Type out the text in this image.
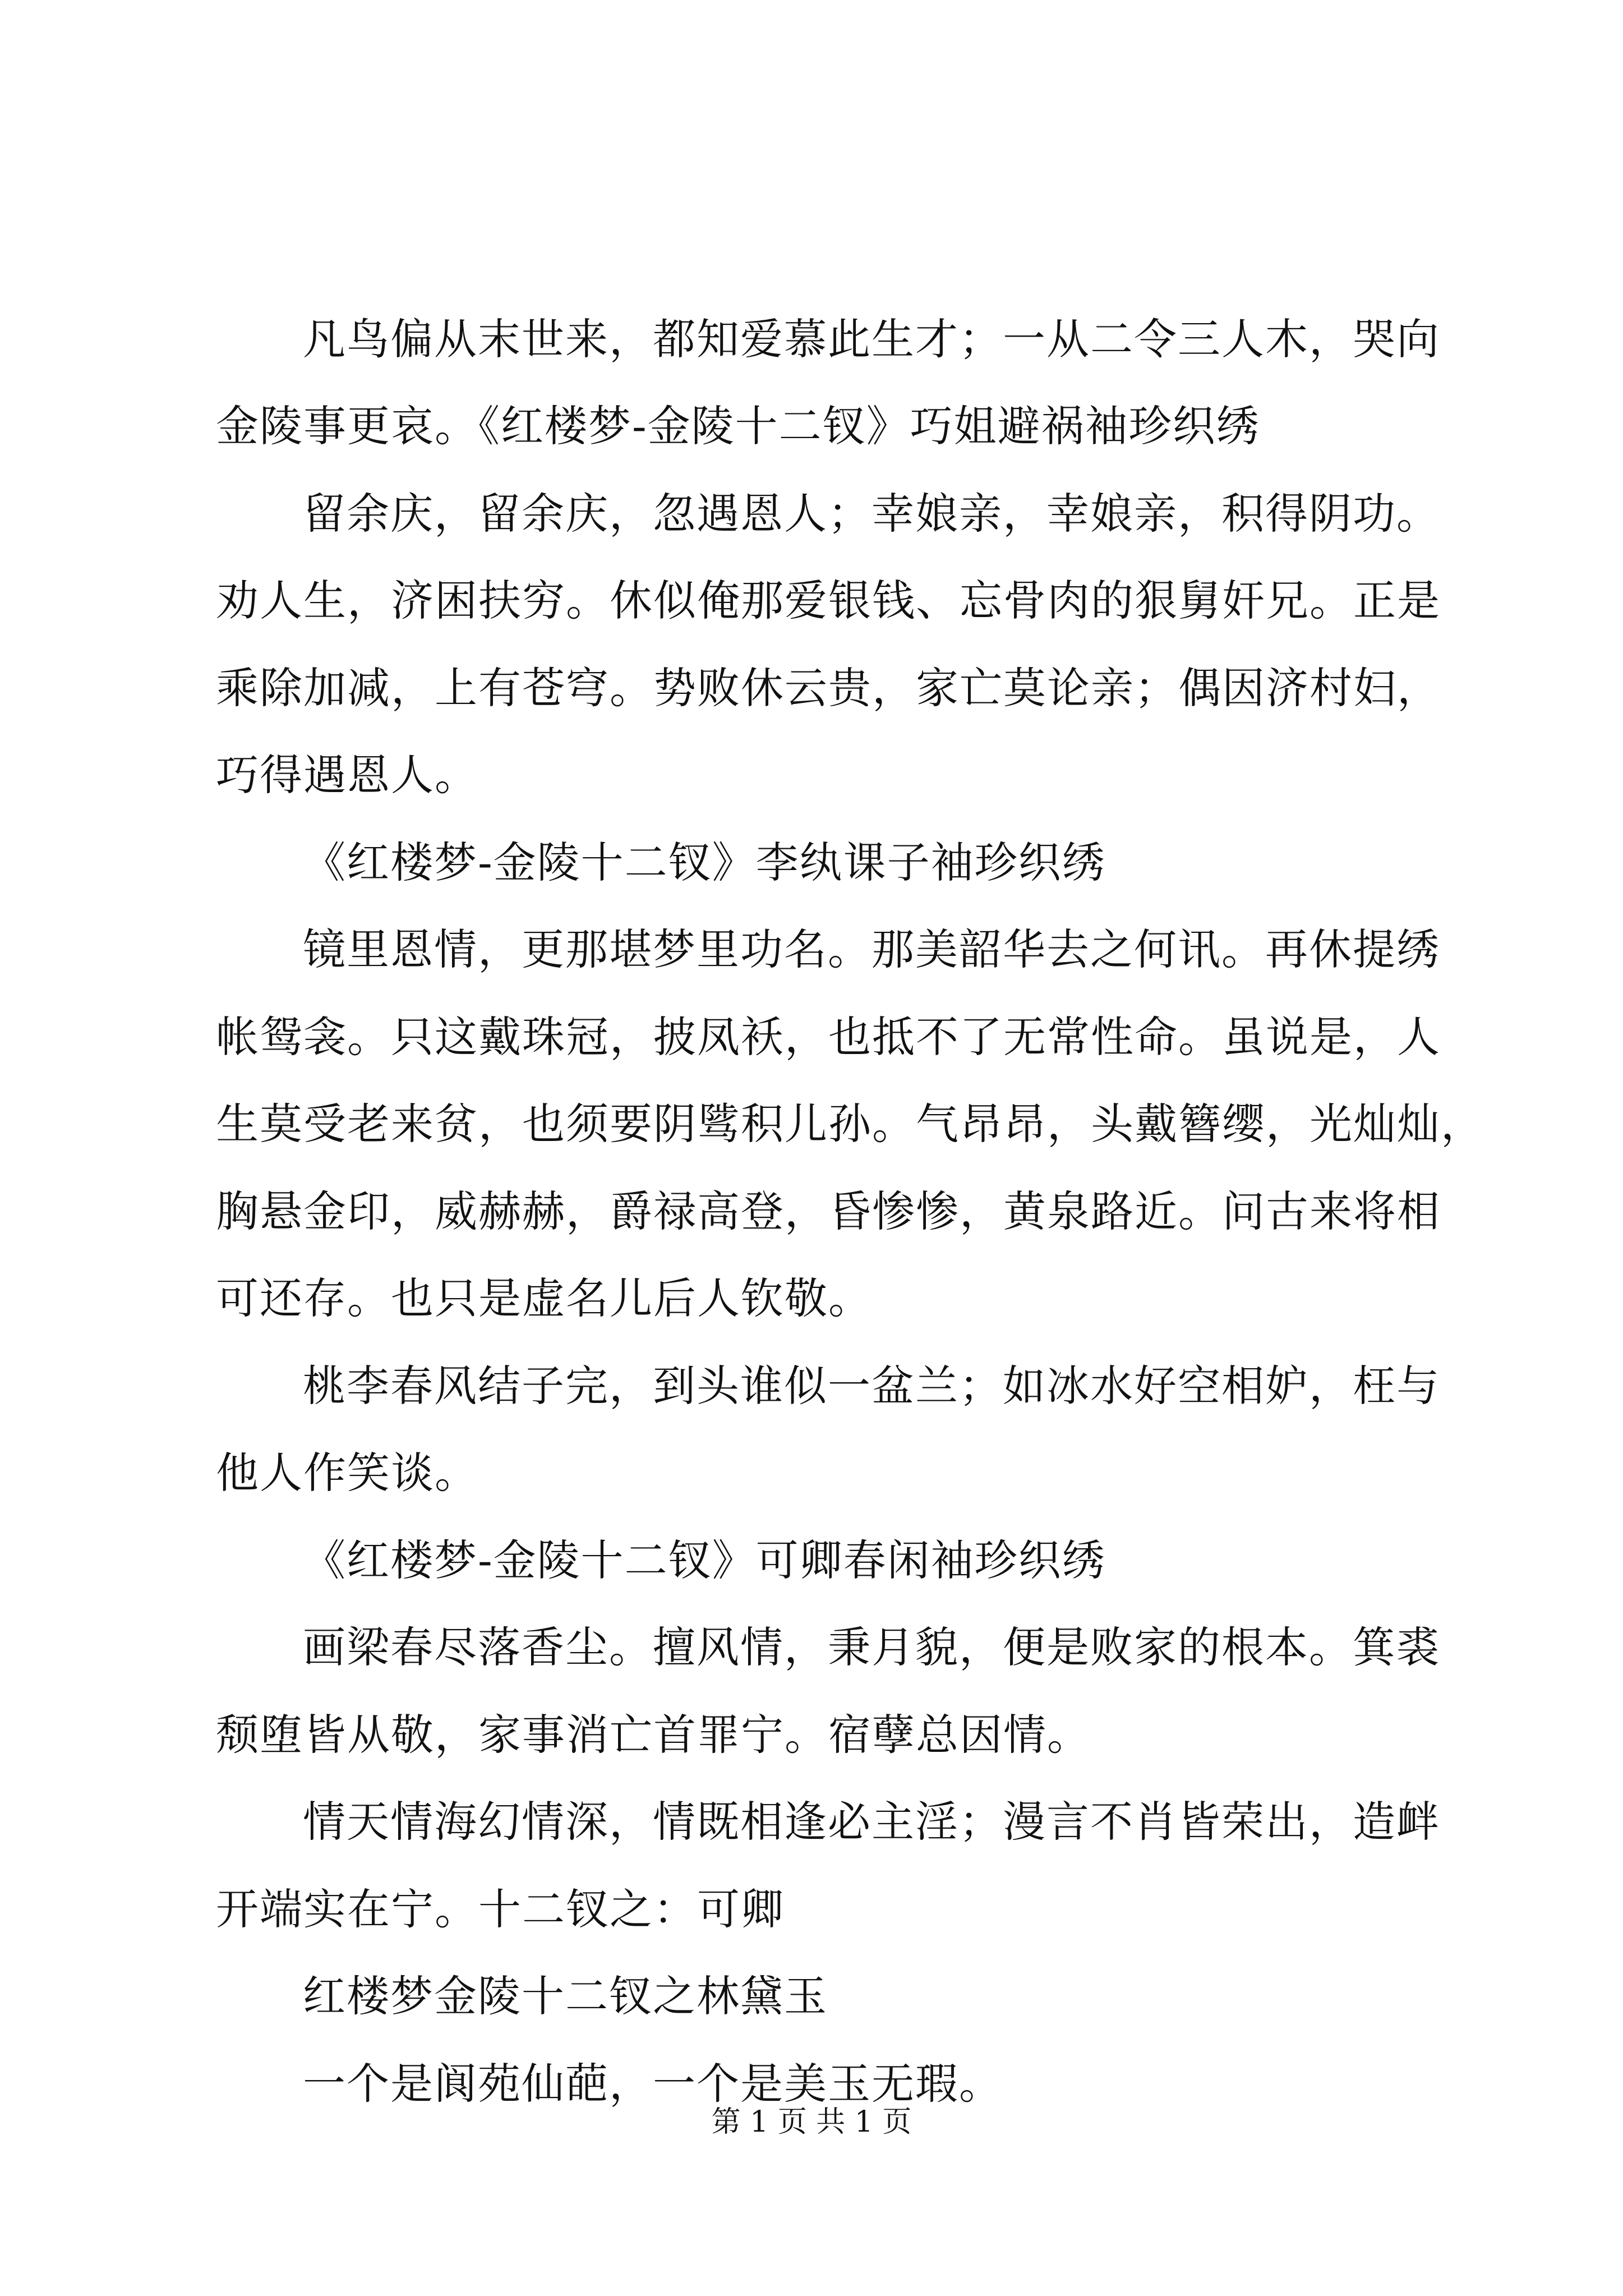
凡鸟偏从末世来，都知爱慕此生才；一从二令三人木，哭向
金陵事更哀。《红楼梦-金陵十二钗》巧姐避祸袖珍织绣
留余庆，留余庆，忽遇恩人；幸娘亲，幸娘亲，积得阴功。
劝人生，济困扶穷。休似俺那爱银钱、忘骨肉的狠舅奸兄。正是
乘除加减，上有苍穹。势败休云贵，家亡莫论亲；偶因济村妇，
巧得遇恩人。
《红楼梦-金陵十二钗》李纨课子袖珍织绣
镜里恩情，更那堪梦里功名。那美韶华去之何讯。再休提绣
帐鸳衾。只这戴珠冠，披凤袄，也抵不了无常性命。虽说是，人
生莫受老来贫，也须要阴骘积儿孙。气昂昂，头戴簪缨，光灿灿，
胸悬金印，威赫赫，爵禄高登，昏惨惨，黄泉路近。问古来将相
可还存。也只是虚名儿后人钦敬。
桃李春风结子完，到头谁似一盆兰；如冰水好空相妒，枉与
他人作笑谈。
《红楼梦-金陵十二钗》可卿春闲袖珍织绣
画梁春尽落香尘。擅风情，秉月貌，便是败家的根本。箕裘
颓堕皆从敬，家事消亡首罪宁。宿孽总因情。
情天情海幻情深，情既相逢必主淫；漫言不肖皆荣出，造衅
开端实在宁。十二钗之：可卿
红楼梦金陵十二钗之林黛玉
一个是阆苑仙葩，一个是美玉无瑕。
第 1 页 共 1 页
